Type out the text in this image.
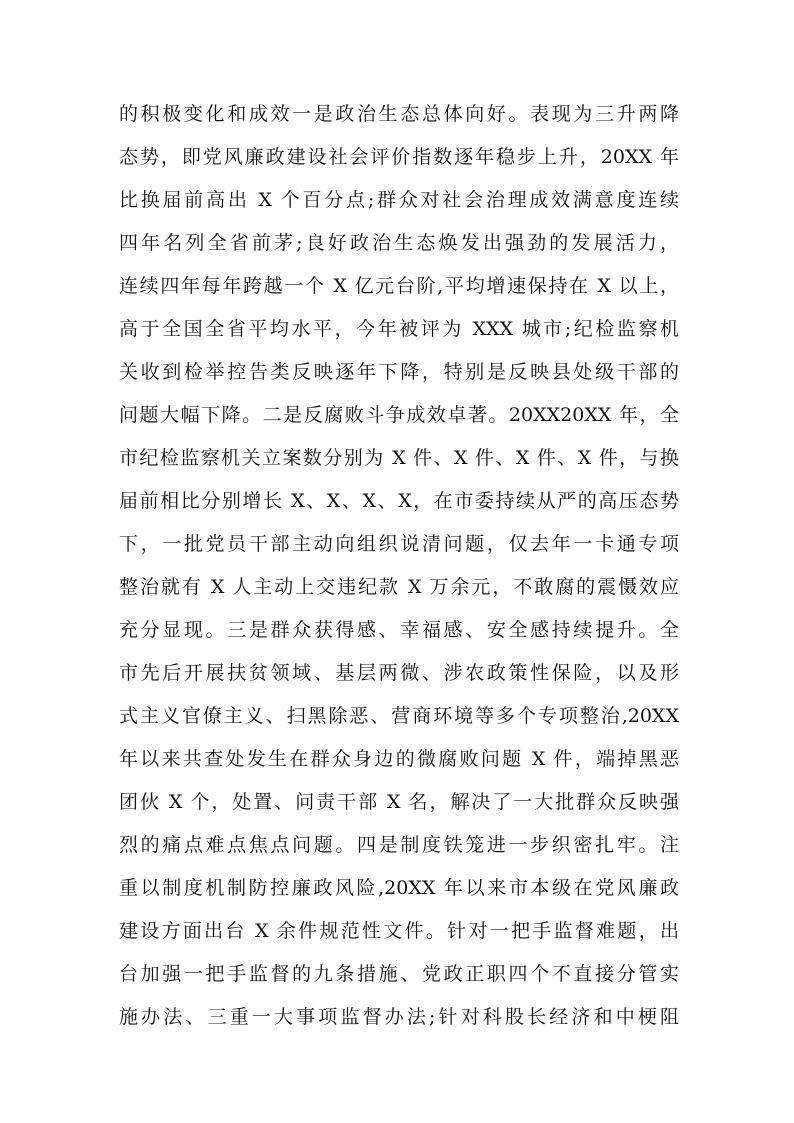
的积极变化和成效一是政治生态总体向好。表现为三升两降
态势，即党风廉政建设社会评价指数逐年稳步上升，20XX 年
比换届前高出 X 个百分点;群众对社会治理成效满意度连续
四年名列全省前茅;良好政治生态焕发出强劲的发展活力，
连续四年每年跨越一个 X 亿元台阶,平均增速保持在 X 以上，
高于全国全省平均水平，今年被评为 XXX 城市;纪检监察机
关收到检举控告类反映逐年下降，特别是反映县处级干部的
问题大幅下降。二是反腐败斗争成效卓著。20XX20XX 年，全
市纪检监察机关立案数分别为 X 件、X 件、X 件、X 件，与换
届前相比分别增长 X、X、X、X，在市委持续从严的高压态势
下，一批党员干部主动向组织说清问题，仅去年一卡通专项
整治就有 X 人主动上交违纪款 X 万余元，不敢腐的震慑效应
充分显现。三是群众获得感、幸福感、安全感持续提升。全
市先后开展扶贫领域、基层两微、涉农政策性保险，以及形
式主义官僚主义、扫黑除恶、营商环境等多个专项整治,20XX
年以来共查处发生在群众身边的微腐败问题 X 件，端掉黑恶
团伙 X 个，处置、问责干部 X 名，解决了一大批群众反映强
烈的痛点难点焦点问题。四是制度铁笼进一步织密扎牢。注
重以制度机制防控廉政风险,20XX 年以来市本级在党风廉政
建设方面出台 X 余件规范性文件。针对一把手监督难题，出
台加强一把手监督的九条措施、党政正职四个不直接分管实
施办法、三重一大事项监督办法;针对科股长经济和中梗阻
